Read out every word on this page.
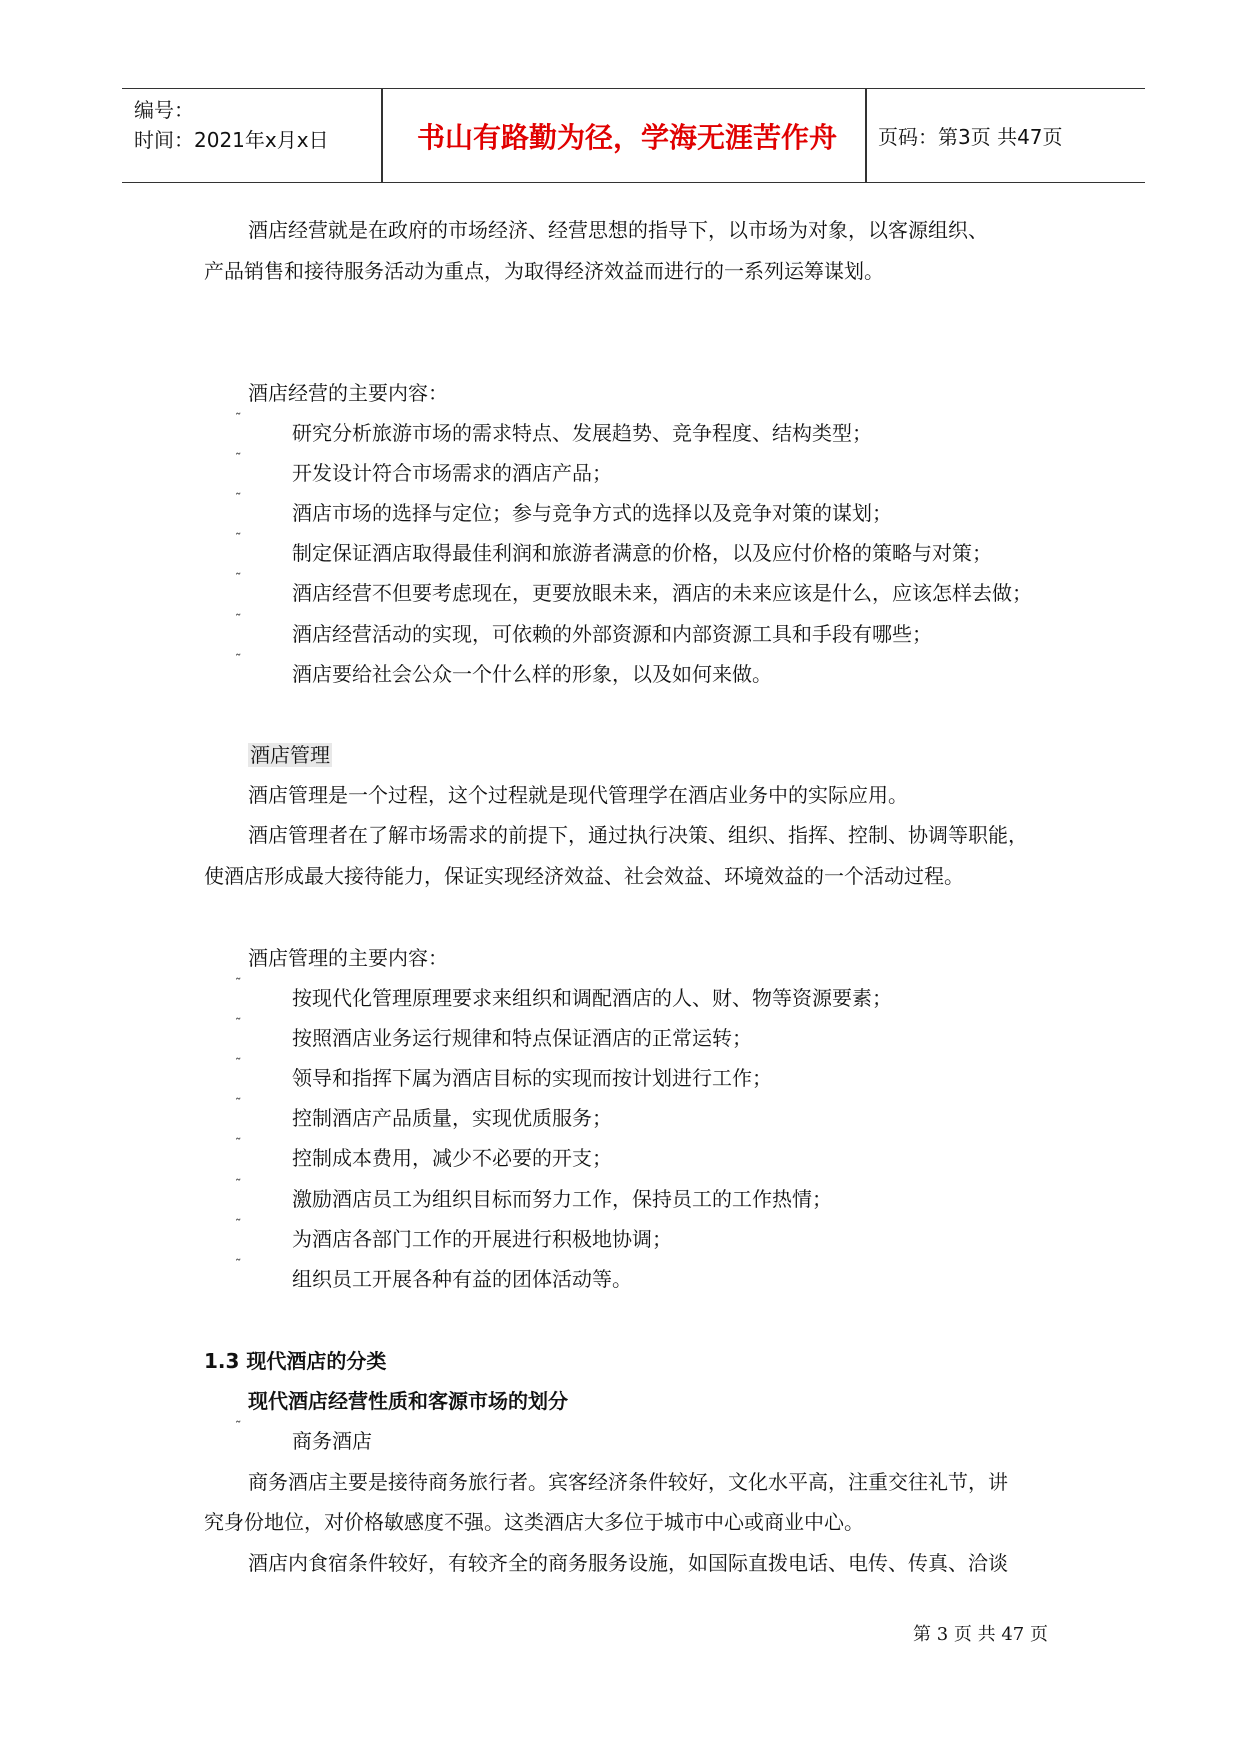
编号：
时间：2021年x月x日	书山有路勤为径，学海无涯苦作舟	页码：第3页 共47页
酒店经营就是在政府的市场经济、经营思想的指导下，以市场为对象，以客源组织、
产品销售和接待服务活动为重点，为取得经济效益而进行的一系列运筹谋划。
酒店经营的主要内容：
˜
研究分析旅游市场的需求特点、发展趋势、竞争程度、结构类型；
˜
开发设计符合市场需求的酒店产品；
˜
酒店市场的选择与定位；参与竞争方式的选择以及竞争对策的谋划；
˜
制定保证酒店取得最佳利润和旅游者满意的价格，以及应付价格的策略与对策；
˜
酒店经营不但要考虑现在，更要放眼未来，酒店的未来应该是什么，应该怎样去做；
˜
酒店经营活动的实现，可依赖的外部资源和内部资源工具和手段有哪些；
˜
酒店要给社会公众一个什么样的形象，以及如何来做。
酒店管理
酒店管理是一个过程，这个过程就是现代管理学在酒店业务中的实际应用。
酒店管理者在了解市场需求的前提下，通过执行决策、组织、指挥、控制、协调等职能，
使酒店形成最大接待能力，保证实现经济效益、社会效益、环境效益的一个活动过程。
酒店管理的主要内容：
˜
按现代化管理原理要求来组织和调配酒店的人、财、物等资源要素；
˜
按照酒店业务运行规律和特点保证酒店的正常运转；
˜
领导和指挥下属为酒店目标的实现而按计划进行工作；
˜
控制酒店产品质量，实现优质服务；
˜
控制成本费用，减少不必要的开支；
˜
激励酒店员工为组织目标而努力工作，保持员工的工作热情；
˜
为酒店各部门工作的开展进行积极地协调；
˜
组织员工开展各种有益的团体活动等。
1.3 现代酒店的分类
现代酒店经营性质和客源市场的划分
˜
商务酒店
商务酒店主要是接待商务旅行者。宾客经济条件较好，文化水平高，注重交往礼节，讲
究身份地位，对价格敏感度不强。这类酒店大多位于城市中心或商业中心。
酒店内食宿条件较好，有较齐全的商务服务设施，如国际直拨电话、电传、传真、洽谈
第 3 页 共 47 页
